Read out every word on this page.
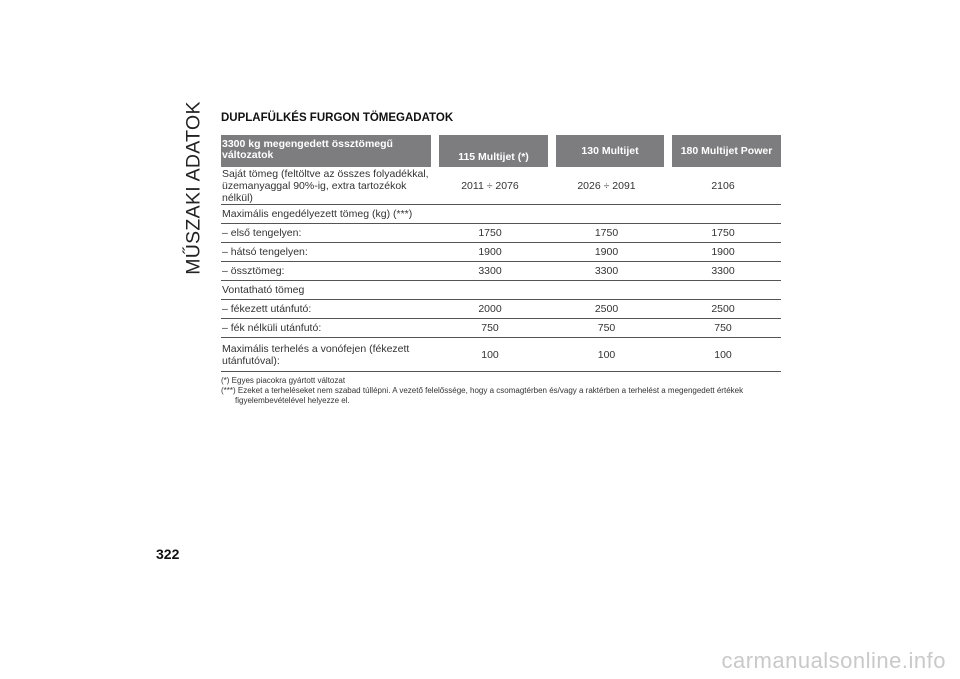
MŰSZAKI ADATOK DUPLAFÜLKÉS FURGON TÖMEGADATOK
3300 kg megengedett össztömegű változatok	115 Multijet (*)	130 Multijet	180 Multijet Power
Saját tömeg (feltöltve az összes folyadékkal, üzemanyaggal 90%-ig, extra tartozékok nélkül)	2011 ÷ 2076	2026 ÷ 2091	2106
Maximális engedélyezett tömeg (kg) (***)			
– első tengelyen:	1750	1750	1750
– hátsó tengelyen:	1900	1900	1900
– össztömeg:	3300	3300	3300
Vontatható tömeg			
– fékezett utánfutó:	2000	2500	2500
– fék nélküli utánfutó:	750	750	750
Maximális terhelés a vonófejen (fékezett utánfutóval):	100	100	100
(*) Egyes piacokra gyártott változat
(***) Ezeket a terheléseket nem szabad túllépni. A vezető felelőssége, hogy a csomagtérben és/vagy a raktérben a terhelést a megengedett értékek
figyelembevételével helyezze el.
322
carmanualsonline.info
